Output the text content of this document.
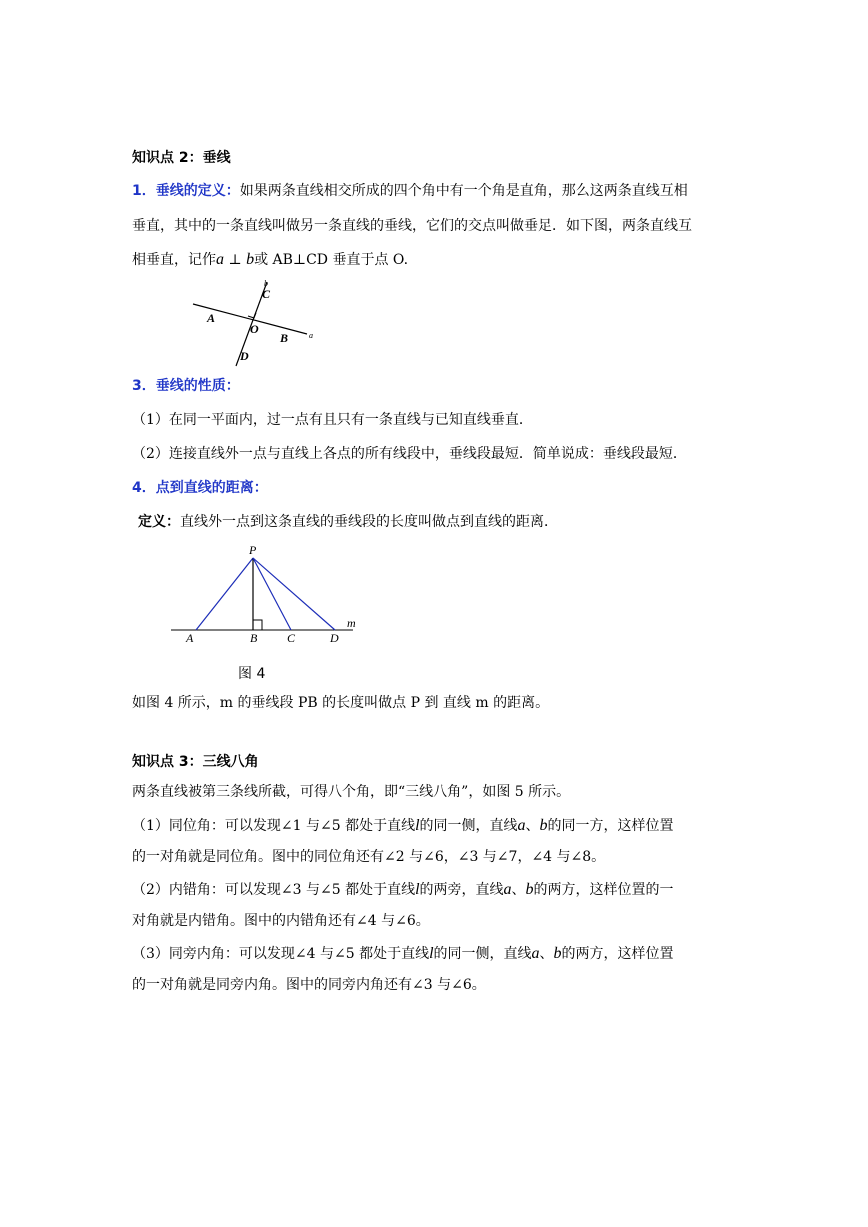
知识点 2：垂线
1．垂线的定义：如果两条直线相交所成的四个角中有一个角是直角，那么这两条直线互相
垂直，其中的一条直线叫做另一条直线的垂线，它们的交点叫做垂足．如下图，两条直线互
相垂直，记作a ⊥ b或 AB⊥CD 垂直于点 O.
C
b
A
O
B	a
D
3．垂线的性质：
（1）在同一平面内，过一点有且只有一条直线与已知直线垂直．
（2）连接直线外一点与直线上各点的所有线段中，垂线段最短．简单说成：垂线段最短．
4．点到直线的距离：
定义：直线外一点到这条直线的垂线段的长度叫做点到直线的距离．
P
A	B C	D
m
图 4
如图 4 所示，m 的垂线段 PB 的长度叫做点 P 到 直线 m 的距离。
知识点 3：三线八角
两条直线被第三条线所截，可得八个角，即“三线八角”，如图 5 所示。
（1）同位角：可以发现∠1 与∠5 都处于直线l的同一侧，直线a、b的同一方，这样位置
的一对角就是同位角。图中的同位角还有∠2 与∠6，∠3 与∠7，∠4 与∠8。
（2）内错角：可以发现∠3 与∠5 都处于直线l的两旁，直线a、b的两方，这样位置的一
对角就是内错角。图中的内错角还有∠4 与∠6。
（3）同旁内角：可以发现∠4 与∠5 都处于直线l的同一侧，直线a、b的两方，这样位置
的一对角就是同旁内角。图中的同旁内角还有∠3 与∠6。
